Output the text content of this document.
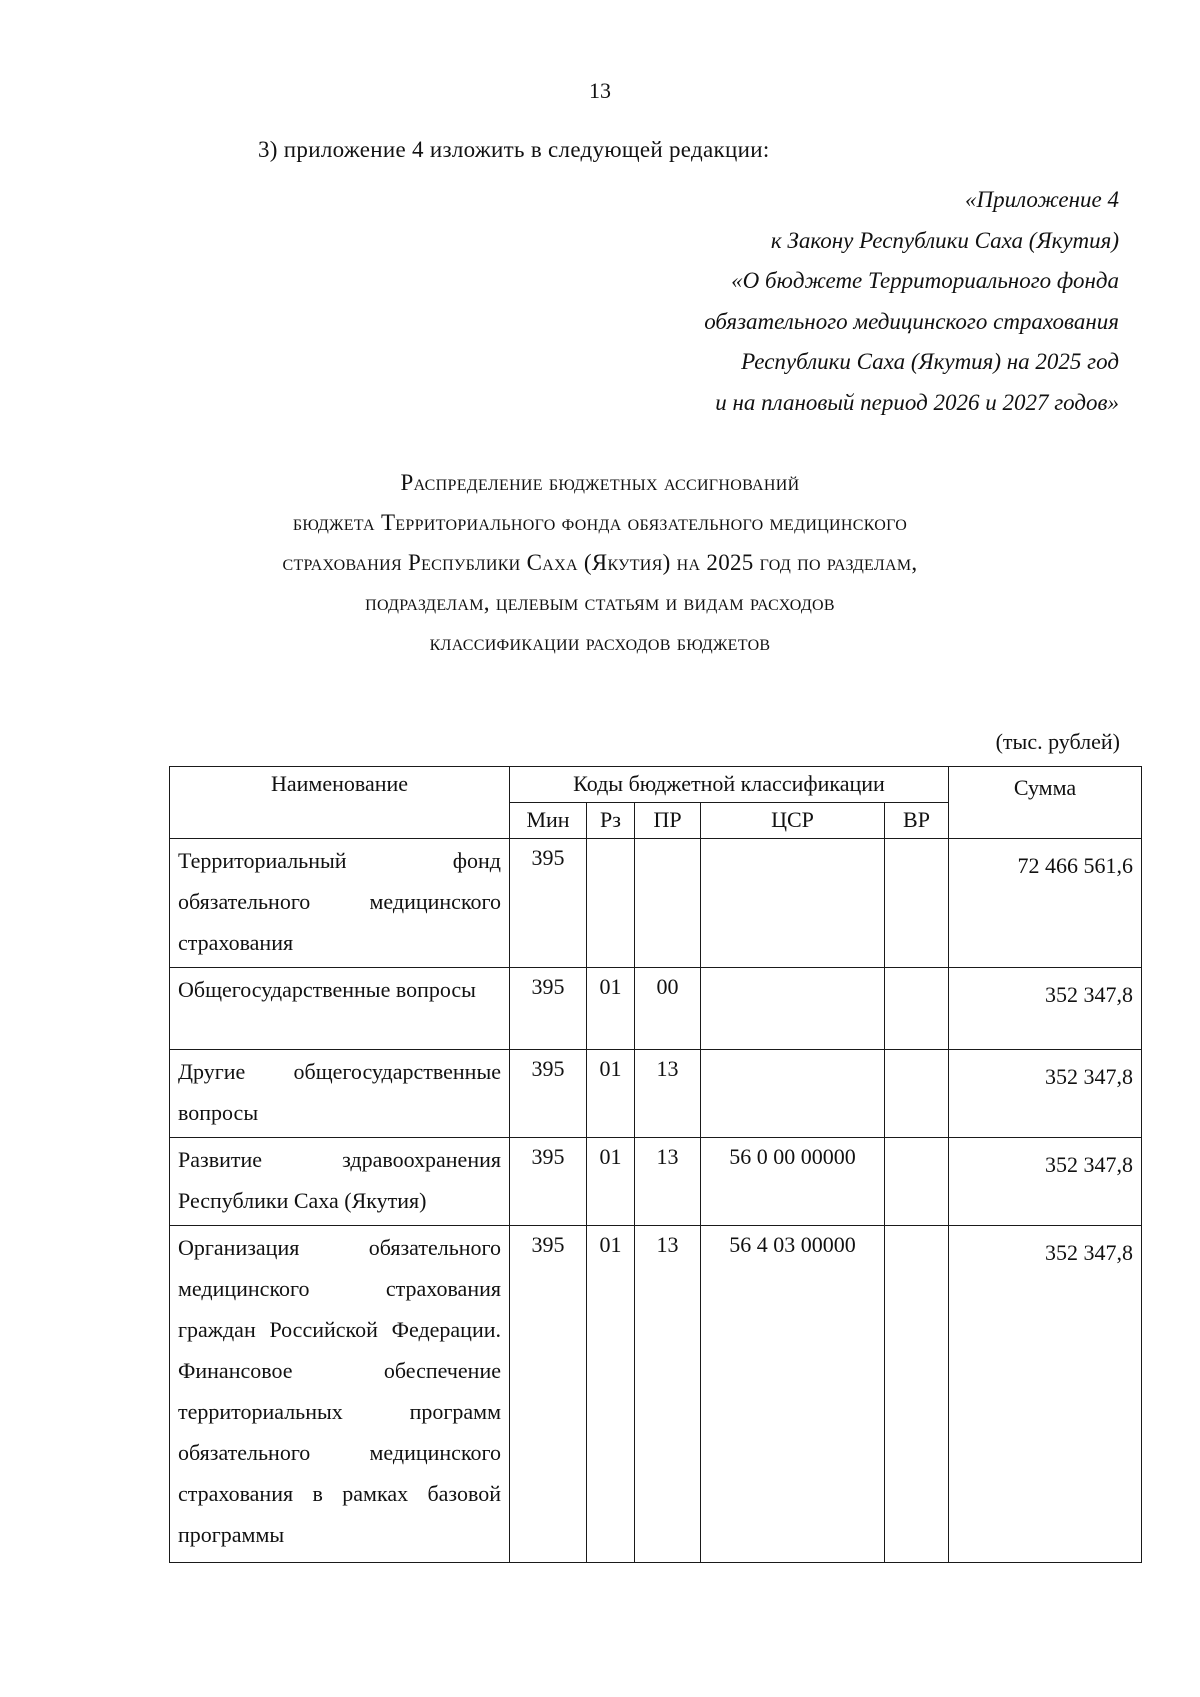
13
3) приложение 4 изложить в следующей редакции:
«Приложение 4
к Закону Республики Саха (Якутия)
«О бюджете Территориального фонда
обязательного медицинского страхования
Республики Саха (Якутия) на 2025 год
и на плановый период 2026 и 2027 годов»
Распределение бюджетных ассигнований
бюджета Территориального фонда обязательного медицинского
страхования Республики Саха (Якутия) на 2025 год по разделам,
подразделам, целевым статьям и видам расходов
классификации расходов бюджетов
(тыс. рублей)
Наименование	Коды бюджетной классификации					Сумма
	Мин	Рз	ПР	ЦСР	ВР	
Территориальный фонд обязательного медицинского страхования	395					72 466 561,6
Общегосударственные вопросы	395	01	00			352 347,8
Другие общегосударственные вопросы	395	01	13			352 347,8
Развитие здравоохранения Республики Саха (Якутия)	395	01	13	56 0 00 00000		352 347,8
Организация обязательного медицинского страхования граждан Российской Федерации. Финансовое обеспечение территориальных программ обязательного медицинского страхования в рамках базовой программы	395	01	13	56 4 03 00000		352 347,8
